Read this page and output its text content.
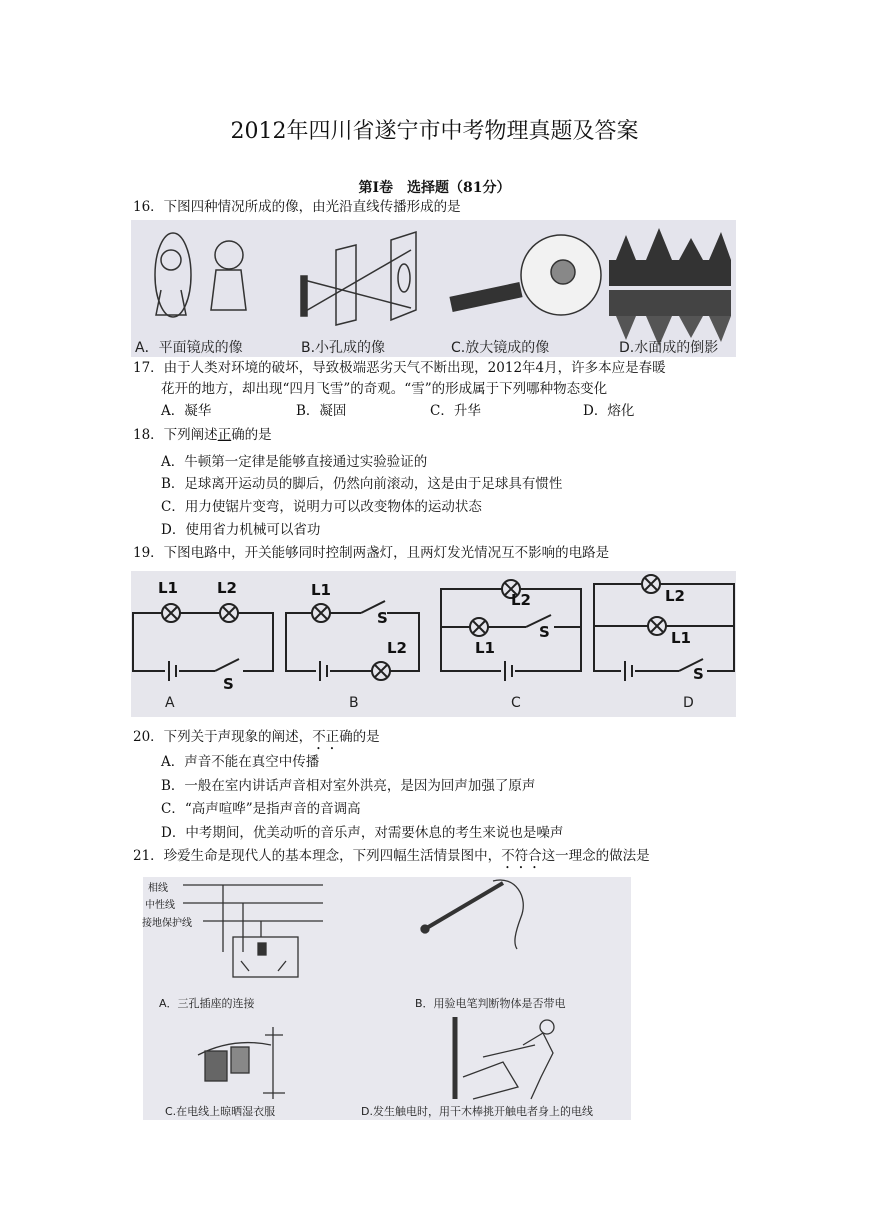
2012年四川省遂宁市中考物理真题及答案
第Ⅰ卷　选择题（81分）
16．下图四种情况所成的像，由光沿直线传播形成的是
A．平面镜成的像	B.小孔成的像	C.放大镜成的像	D.水面成的倒影
17．由于人类对环境的破坏，导致极端恶劣天气不断出现，2012年4月，许多本应是春暖
花开的地方，却出现“四月飞雪”的奇观。“雪”的形成属于下列哪种物态变化
A．凝华	B．凝固	C．升华	D．熔化
18．下列阐述正确的是
A．牛顿第一定律是能够直接通过实验验证的
B．足球离开运动员的脚后，仍然向前滚动，这是由于足球具有惯性
C．用力使锯片变弯，说明力可以改变物体的运动状态
D．使用省力机械可以省功
19．下图电路中，开关能够同时控制两盏灯，且两灯发光情况互不影响的电路是
L1	L2
S
L1
S
L2
L2
S
L1
L2
L1
S
A	B	C	D
20．下列关于声现象的阐述，不正确的是
A．声音不能在真空中传播
B．一般在室内讲话声音相对室外洪亮，是因为回声加强了原声
C．“高声喧哗”是指声音的音调高
D．中考期间，优美动听的音乐声，对需要休息的考生来说也是噪声
21．珍爱生命是现代人的基本理念，下列四幅生活情景图中，不符合这一理念的做法是
相线
中性线
接地保护线
A．三孔插座的连接	B．用验电笔判断物体是否带电
C.在电线上晾晒湿衣服	D.发生触电时，用干木棒挑开触电者身上的电线
